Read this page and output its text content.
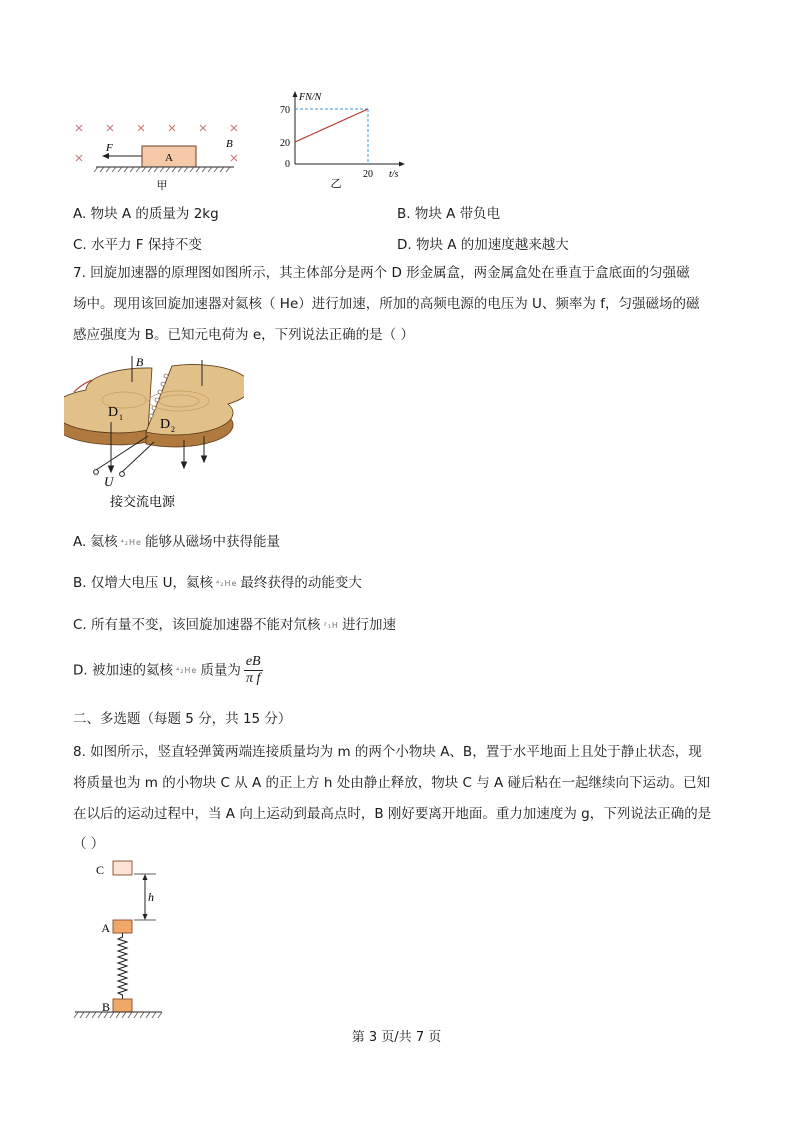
A
F	B
甲
FN/N
t/s
70
20
0
20
乙
A. 物块 A 的质量为 2kg	B. 物块 A 带负电
C. 水平力 F 保持不变	D. 物块 A 的加速度越来越大
7. 回旋加速器的原理图如图所示，其主体部分是两个 D 形金属盒，两金属盒处在垂直于盒底面的匀强磁
场中。现用该回旋加速器对氦核（ He）进行加速，所加的高频电源的电压为 U、频率为 f，匀强磁场的磁
感应强度为 B。已知元电荷为 e，下列说法正确的是（ ）
B
D 1	D 2
U
接交流电源
A. 氦核 ⁴₂He 能够从磁场中获得能量
B. 仅增大电压 U，氦核 ⁴₂He 最终获得的动能变大
C. 所有量不变，该回旋加速器不能对氘核 ²₁H 进行加速
D. 被加速的氦核 ⁴₂He 质量为 $\frac{eB}{\text{π f}}$
二、多选题（每题 5 分，共 15 分）
8. 如图所示，竖直轻弹簧两端连接质量均为 m 的两个小物块 A、B，置于水平地面上且处于静止状态，现
将质量也为 m 的小物块 C 从 A 的正上方 h 处由静止释放，物块 C 与 A 碰后粘在一起继续向下运动。已知
在以后的运动过程中，当 A 向上运动到最高点时，B 刚好要离开地面。重力加速度为 g，下列说法正确的是
（ ）
C
h
A
B
第 3 页/共 7 页
